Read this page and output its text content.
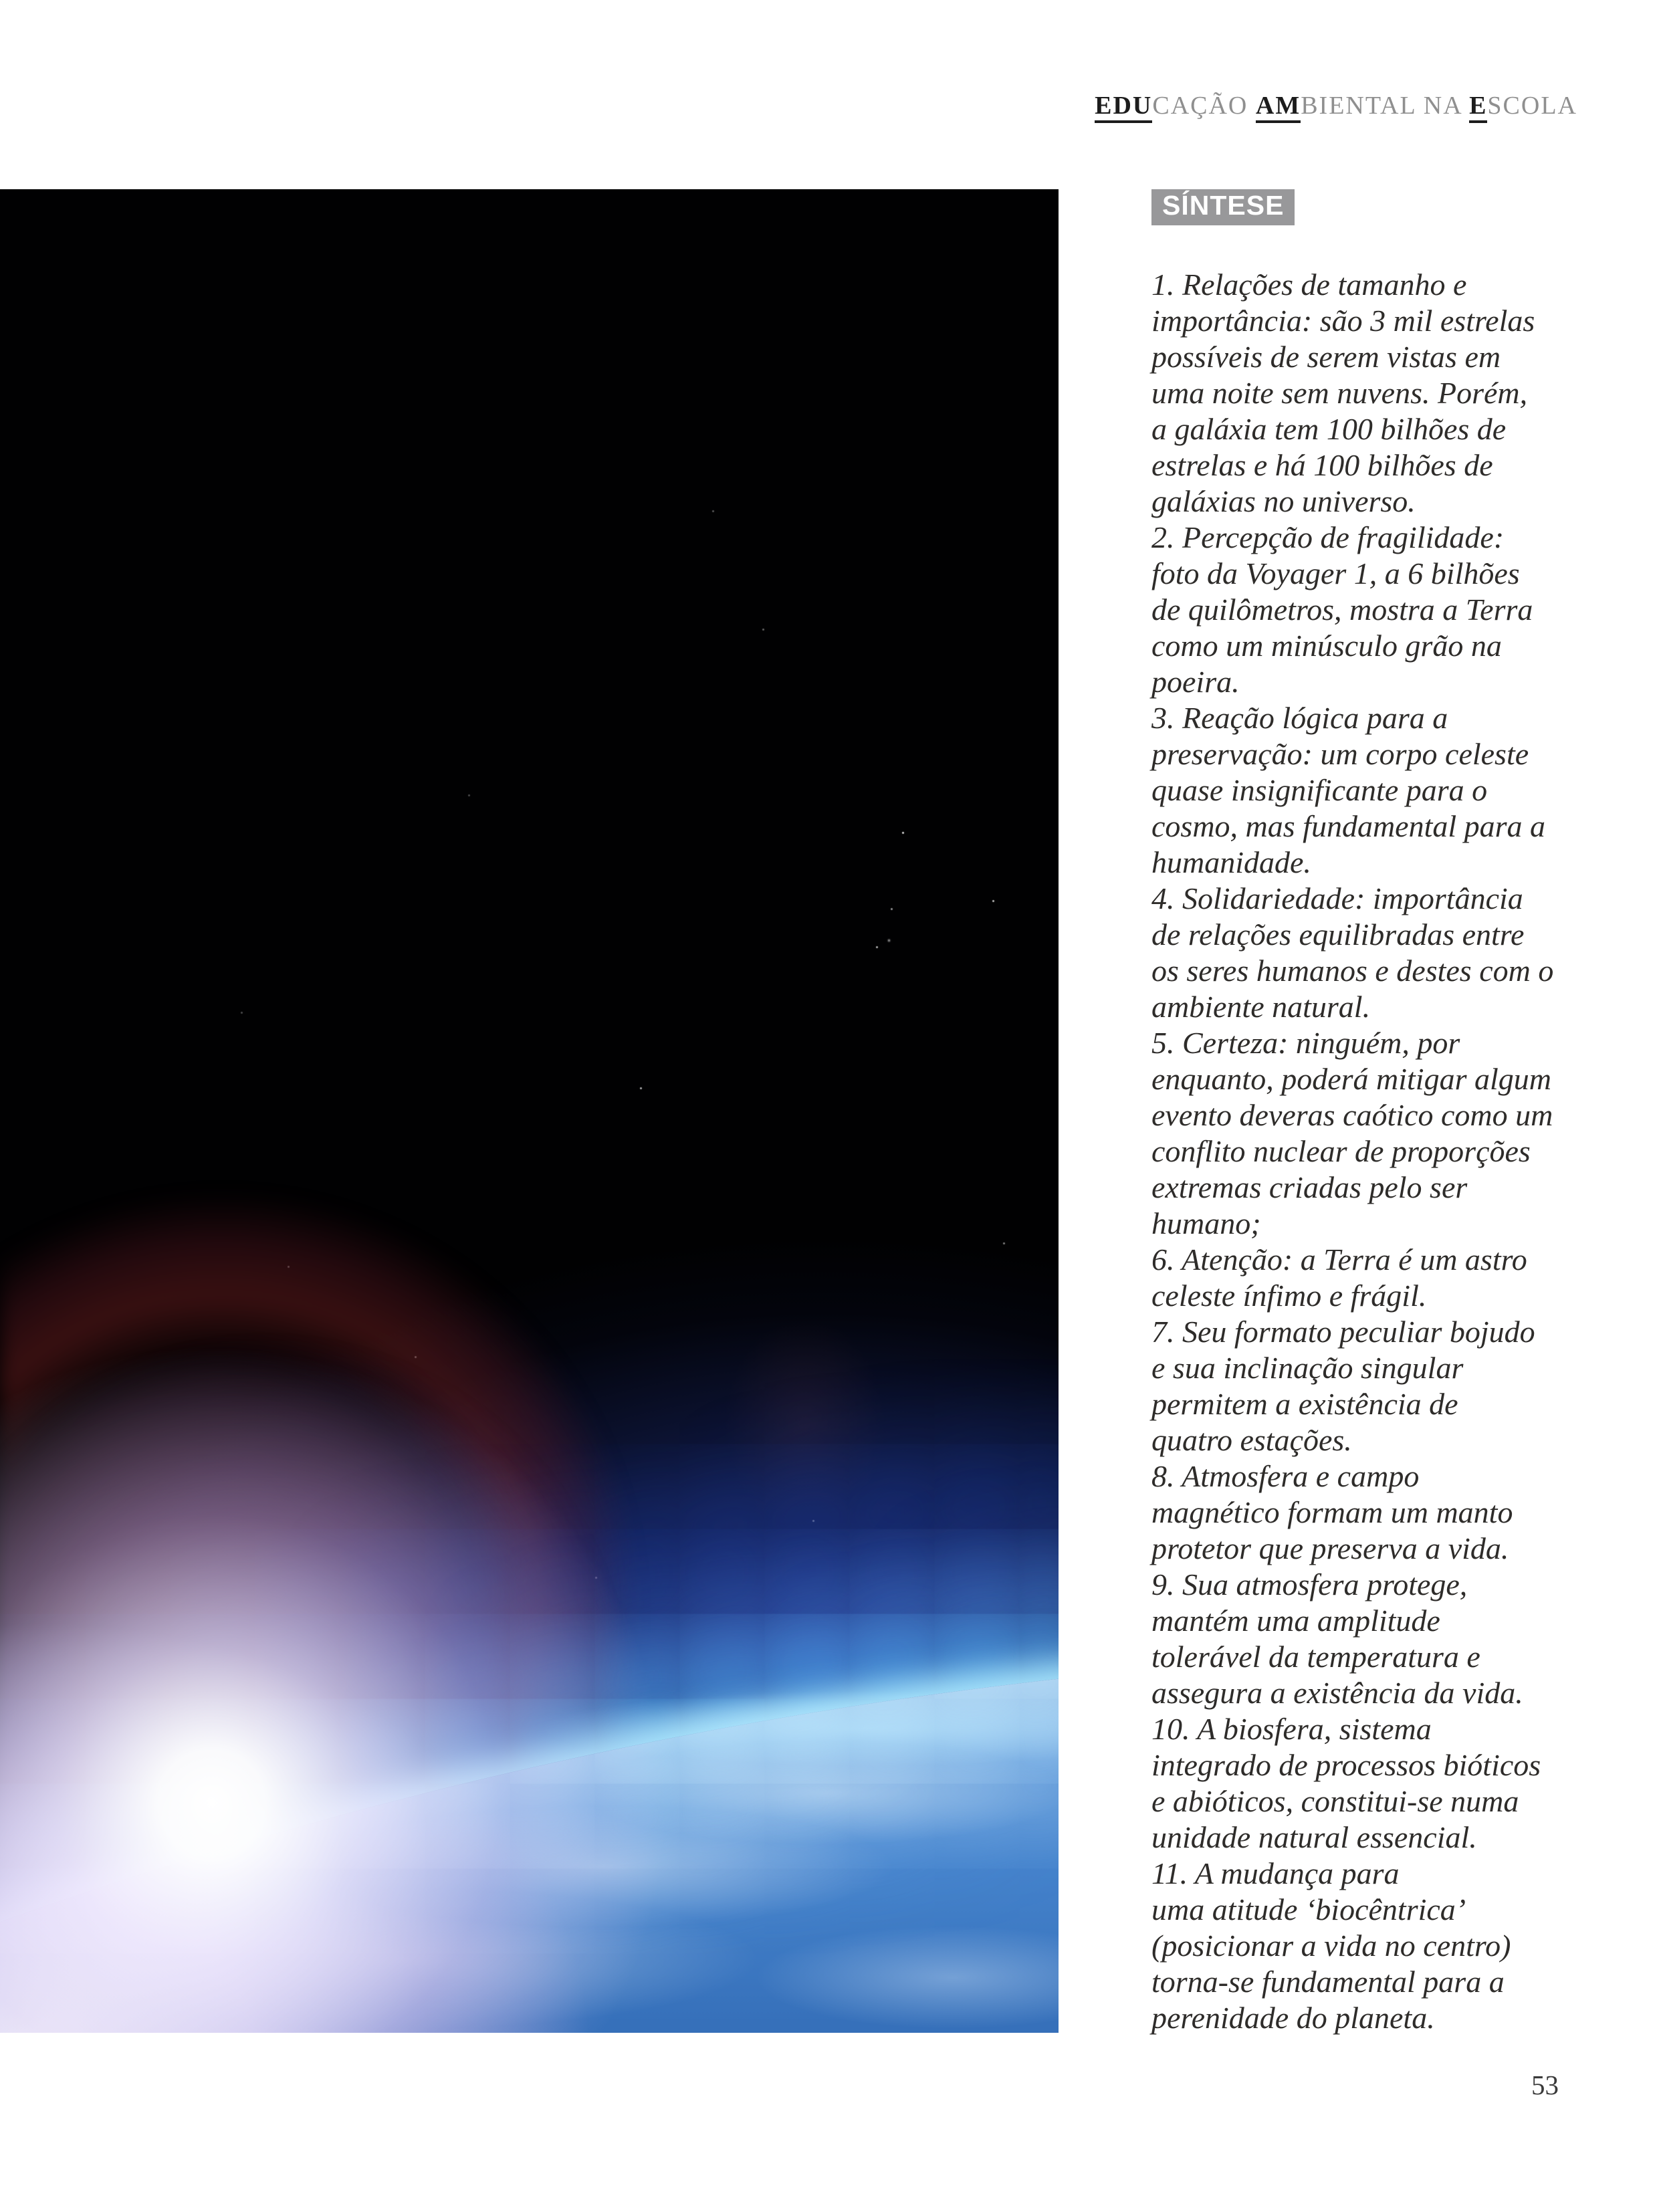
EDUCAÇÃO AMBIENTAL NA ESCOLA
SÍNTESE
1. Relações de tamanho e
importância: são 3 mil estrelas
possíveis de serem vistas em
uma noite sem nuvens. Porém,
a galáxia tem 100 bilhões de
estrelas e há 100 bilhões de
galáxias no universo.
2. Percepção de fragilidade:
foto da Voyager 1, a 6 bilhões
de quilômetros, mostra a Terra
como um minúsculo grão na
poeira.
3. Reação lógica para a
preservação: um corpo celeste
quase insignificante para o
cosmo, mas fundamental para a
humanidade.
4. Solidariedade: importância
de relações equilibradas entre
os seres humanos e destes com o
ambiente natural.
5. Certeza: ninguém, por
enquanto, poderá mitigar algum
evento deveras caótico como um
conflito nuclear de proporções
extremas criadas pelo ser
humano;
6. Atenção: a Terra é um astro
celeste ínfimo e frágil.
7. Seu formato peculiar bojudo
e sua inclinação singular
permitem a existência de
quatro estações.
8. Atmosfera e campo
magnético formam um manto
protetor que preserva a vida.
9. Sua atmosfera protege,
mantém uma amplitude
tolerável da temperatura e
assegura a existência da vida.
10. A biosfera, sistema
integrado de processos bióticos
e abióticos, constitui-se numa
unidade natural essencial.
11. A mudança para
uma atitude ‘biocêntrica’
(posicionar a vida no centro)
torna-se fundamental para a
perenidade do planeta.
53
